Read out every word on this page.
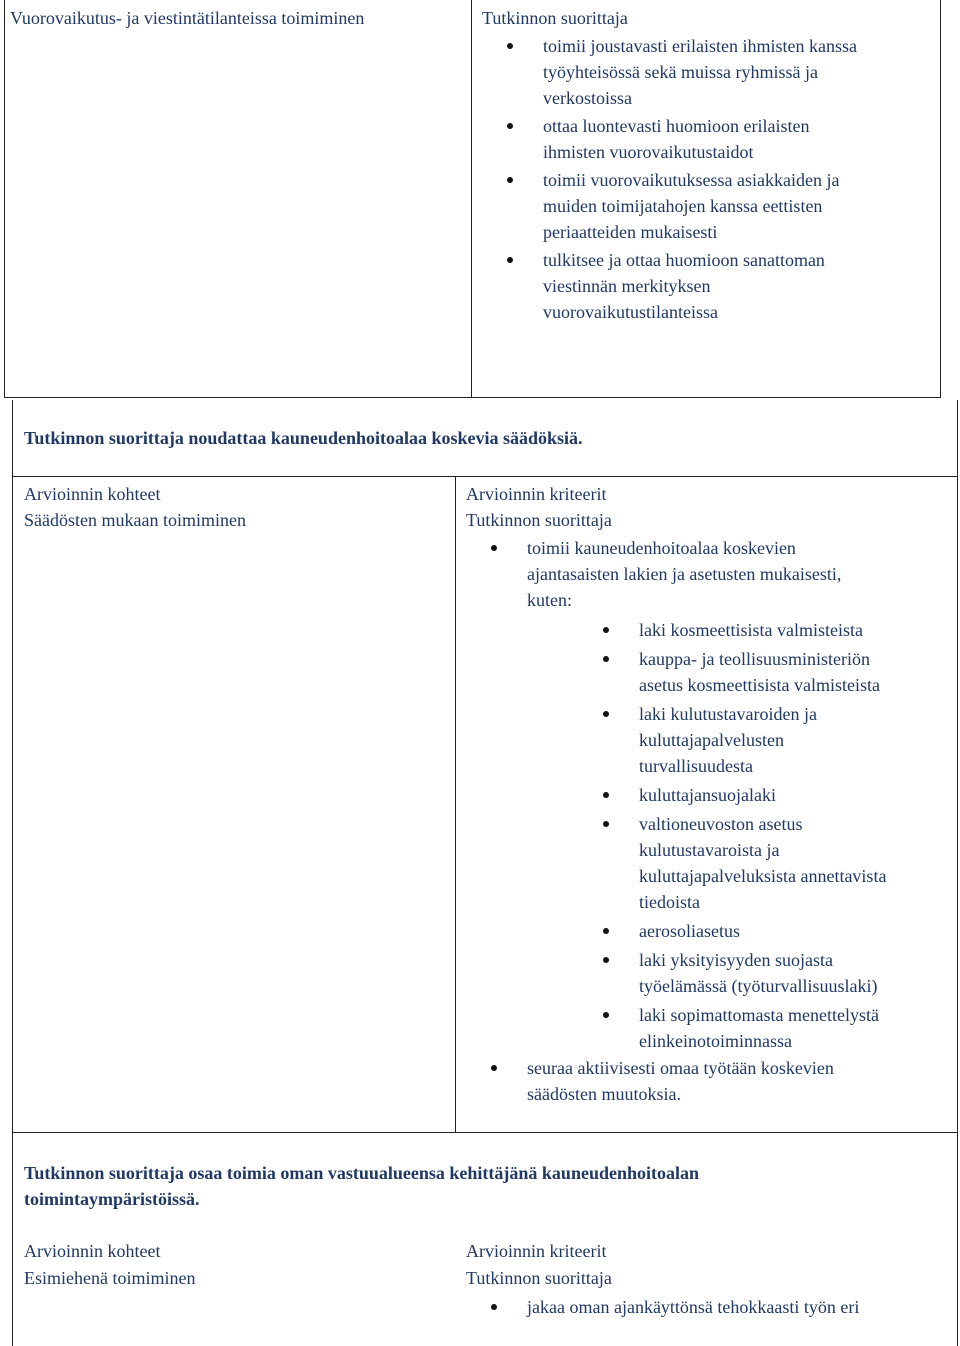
Vuorovaikutus- ja viestintätilanteissa toimiminen	Tutkinnon suorittaja
toimii joustavasti erilaisten ihmisten kanssa
työyhteisössä sekä muissa ryhmissä ja
verkostoissa
ottaa luontevasti huomioon erilaisten
ihmisten vuorovaikutustaidot
toimii vuorovaikutuksessa asiakkaiden ja
muiden toimijatahojen kanssa eettisten
periaatteiden mukaisesti
tulkitsee ja ottaa huomioon sanattoman
viestinnän merkityksen
vuorovaikutustilanteissa
Tutkinnon suorittaja noudattaa kauneudenhoitoalaa koskevia säädöksiä.
Arvioinnin kohteet	Arvioinnin kriteerit
Säädösten mukaan toimiminen	Tutkinnon suorittaja
toimii kauneudenhoitoalaa koskevien
ajantasaisten lakien ja asetusten mukaisesti,
kuten:
laki kosmeettisista valmisteista
kauppa- ja teollisuusministeriön
asetus kosmeettisista valmisteista
laki kulutustavaroiden ja
kuluttajapalvelusten
turvallisuudesta
kuluttajansuojalaki
valtioneuvoston asetus
kulutustavaroista ja
kuluttajapalveluksista annettavista
tiedoista
aerosoliasetus
laki yksityisyyden suojasta
työelämässä (työturvallisuuslaki)
laki sopimattomasta menettelystä
elinkeinotoiminnassa
seuraa aktiivisesti omaa työtään koskevien
säädösten muutoksia.
Tutkinnon suorittaja osaa toimia oman vastuualueensa kehittäjänä kauneudenhoitoalan
toimintaympäristöissä.
Arvioinnin kohteet	Arvioinnin kriteerit
Esimiehenä toimiminen	Tutkinnon suorittaja
jakaa oman ajankäyttönsä tehokkaasti työn eri
